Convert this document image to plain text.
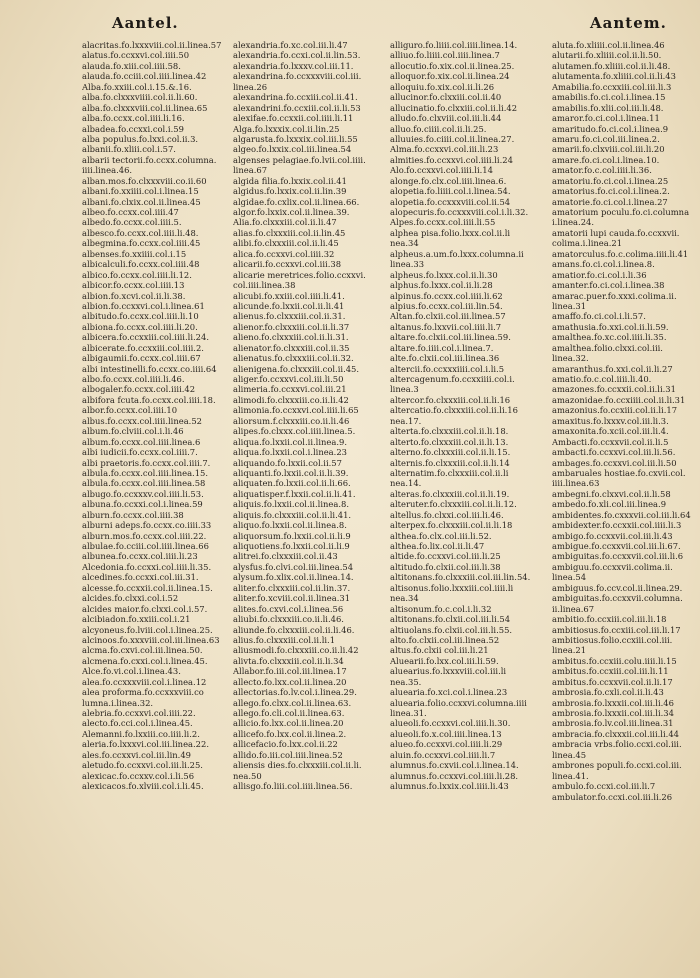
Aantel.	Aantem.
alacritas.fo.lxxxviii.col.ii.linea.57
alatus.fo.ccxxvi.col.iiii.50
alauda.fo.xiii.col.iiii.58.
alauda.fo.cciii.col.iiii.linea.42
Alba.fo.xxiii.col.i.15.&.16.
alba.fo.clxxxviiii.col.ii.li.60.
alba.fo.clxxxviii.col.ii.linea.65
alba.fo.ccxx.col.iiii.li.16.
albadea.fo.ccxxi.col.i.59
alba populus.fo.lxxi.col.ii.3.
albanii.fo.xliii.col.i.57.
albarii tectorii.fo.ccxx.columna.
iiii.linea.46.
alban.mos.fo.clxxxviii.co.ii.60
albani.fo.xxiiii.col.i.linea.15
albani.fo.clxix.col.ii.linea.45
albeo.fo.ccxx.col.iiii.47
albedo.fo.ccxx.col.iiii.5.
albesco.fo.ccxx.col.iiii.li.48.
albegmina.fo.ccxx.col.iiii.45
albenses.fo.xxiiii.col.i.15
albicalculi.fo.ccxx.col.iiii.48
albico.fo.ccxx.col.iiii.li.12.
albicor.fo.ccxx.col.iiii.13
albion.fo.xcvi.col.ii.li.38.
albion.fo.ccxxvi.col.i.linea.61
albitudo.fo.ccxx.col.iiii.li.10
albiona.fo.ccxx.col.iiii.li.20.
albicera.fo.ccxxiii.col.iiii.li.24.
albicerate.fo.ccxxiii.col.iiii.2.
albigaumii.fo.ccxx.col.iiii.67
albi intestinelli.fo.ccxx.co.iiii.64
albo.fo.ccxx.col.iiii.li.46.
albogaler.fo.ccxx.col.iiii.42
albifora fcuta.fo.ccxx.col.iiii.18.
albor.fo.ccxx.col.iiii.10
albus.fo.ccxx.col.iiii.linea.52
album.fo.clviii.col.i.li.46
album.fo.ccxx.col.iiii.linea.6
albi iudicii.fo.ccxx.col.iiii.7.
albi praetoris.fo.ccxx.col.iiii.7.
albula.fo.ccxx.col.iiii.linea.15.
albula.fo.ccxx.col.iiii.linea.58
albugo.fo.ccxxxv.col.iiii.li.53.
albuna.fo.ccxxi.col.i.linea.59
alburn.fo.ccxx.col.iiii.38
alburni adeps.fo.ccxx.co.iiii.33
alburn.mos.fo.ccxx.col.iiii.22.
albulae.fo.cciii.col.iiii.linea.66
albunea.fo.ccxx.col.iiii.li.23
Alcedonia.fo.ccxxi.col.iiii.li.35.
alcedines.fo.ccxxi.col.iii.31.
alcesse.fo.ccxxii.col.ii.linea.15.
alcides.fo.clxxi.col.i.52
alcides maior.fo.clxxi.col.i.57.
alcibiadon.fo.xxiii.col.i.21
alcyoneus.fo.lviii.col.i.linea.25.
alcinoos.fo.xxxviii.col.iii.linea.63
alcma.fo.cxvi.col.iii.linea.50.
alcmena.fo.cxxi.col.i.linea.45.
Alce.fo.vi.col.i.linea.43.
alea.fo.ccxxxviii.col.i.linea.12
alea proforma.fo.ccxxxviii.co
lumna.i.linea.32.
alebria.fo.ccxxvi.col.iiii.22.
alecto.fo.cci.col.i.linea.45.
Alemanni.fo.lxxiii.co.iiii.li.2.
aleria.fo.lxxxvi.col.iii.linea.22.
ales.fo.ccxxvi.col.iii.lin.49
aletudo.fo.ccxxvi.col.iii.li.25.
alexicac.fo.ccxxv.col.i.li.56
alexicacos.fo.xlviii.col.i.li.45.
alexandria.fo.xc.col.iii.li.47
alexandria.fo.ccxi.col.ii.lin.53.
alexandria.fo.lxxxv.col.iii.11.
alexandrina.fo.ccxxxviii.col.iii.
linea.26
alexandrina.fo.ccxiii.col.ii.41.
alexandrini.fo.ccxiii.col.ii.li.53
alexifae.fo.ccxxii.col.iiii.li.11
Alga.fo.lxxxix.col.ii.lin.25
algarusta.fo.lxxxix.col.iii.li.55
algeo.fo.lxxix.col.iii.linea.54
algenses pelagiae.fo.lvii.col.iiii.
linea.67
algida filia.fo.lxxix.col.ii.41
algidus.fo.lxxix.col.ii.lin.39
algidae.fo.cxlix.col.ii.linea.66.
algor.fo.lxxix.col.ii.linea.39.
Alia.fo.clxxxiii.col.ii.li.47
alias.fo.clxxxiii.col.ii.lin.45
alibi.fo.clxxxiii.col.ii.li.45
alica.fo.ccxxvi.col.iiii.32
alicarii.fo.ccxxvi.col.iii.38
alicarie meretrices.folio.ccxxvi.
col.iiii.linea.38
alicubi.fo.xxiii.col.iiii.li.41.
alicunde.fo.lxxii.col.ii.li.41
alienus.fo.clxxxiii.col.ii.31.
alienor.fo.clxxxiii.col.ii.li.37
alieno.fo.clxxxiii.col.ii.li.31.
alienator.fo.clxxxiii.col.ii.35
alienatus.fo.clxxxiii.col.ii.32.
alienigena.fo.clxxxiii.col.ii.45.
aliger.fo.ccxxvi.col.iii.li.50
alimeria.fo.ccxxvi.col.iii.21
alimodi.fo.clxxxiii.co.ii.li.42
alimonia.fo.ccxxvi.col.iiii.li.65
aliorsum.f.clxxxiii.co.ii.li.46
alipes.fo.clxxx.col.iiii.linea.5.
aliqua.fo.lxxii.col.ii.linea.9.
aliqua.fo.lxxii.col.i.linea.23
aliquando.fo.lxxii.col.ii.57
aliquanti.fo.lxxii.col.ii.li.39.
aliquaten.fo.lxxii.col.ii.li.66.
aliquatisper.f.lxxii.col.ii.li.41.
aliquis.fo.lxxii.col.ii.linea.8.
aliquis.fo.clxxxiii.col.ii.li.41.
aliquo.fo.lxxii.col.ii.linea.8.
aliquorsum.fo.lxxii.col.ii.li.9
aliquotiens.fo.lxxii.col.ii.li.9
alitrei.fo.clxxxiii.col.ii.43
alysfus.fo.clvi.col.iii.linea.54
alysum.fo.xlix.col.ii.linea.14.
aliter.fo.clxxxiii.col.ii.lin.37.
aliter.fo.xcviii.col.ii.linea.31
alites.fo.cxvi.col.i.linea.56
aliubi.fo.clxxxiii.co.ii.li.46.
aliunde.fo.clxxxiii.col.ii.li.46.
alius.fo.clxxxiii.col.ii.li.1
aliusmodi.fo.clxxxiii.co.ii.li.42
alivta.fo.clxxxiii.col.ii.li.34
Allabor.fo.iii.col.iii.linea.17
allecto.fo.lxx.col.ii.linea.20
allectorias.fo.lv.col.i.linea.29.
allego.fo.clxx.col.ii.linea.63.
allego.fo.cli.col.ii.linea.63.
allicio.fo.lxx.col.ii.linea.20
allicefo.fo.lxx.col.ii.linea.2.
allicefacio.fo.lxx.col.ii.22
allido.fo.iii.col.iiii.linea.52
aliensis dies.fo.clxxxiii.col.ii.li.
nea.50
allisgo.fo.liii.col.iiii.linea.56.
alliguro.fo.liiii.col.iiii.linea.14.
alliuo.fo.liiii.col.iiii.linea.7
allocutio.fo.xix.col.ii.linea.25.
alloquor.fo.xix.col.ii.linea.24
alloquiu.fo.xix.col.ii.li.26
allucinor.fo.clxxiii.col.ii.40
allucinatio.fo.clxxiii.col.ii.li.42
alludo.fo.clxviii.col.iii.li.44
alluo.fo.ciiii.col.ii.li.25.
alluuies.fo.ciiii.col.ii.linea.27.
Alma.fo.ccxxvi.col.iii.li.23
almities.fo.ccxxvi.col.iiii.li.24
Alo.fo.ccxxvi.col.iiii.li.14
alonge.fo.clx.col.iiii.linea.6.
alopetia.fo.liiii.col.i.linea.54.
alopetia.fo.ccxxxviii.col.ii.54
alopecuris.fo.ccxxxviii.col.i.li.32.
Alpes.fo.ccxx.col.iiii.li.55
alphea pisa.folio.lxxx.col.ii.li
nea.34
alpheus.a.um.fo.lxxx.columna.ii
linea.33
alpheus.fo.lxxx.col.ii.li.30
alphus.fo.lxxx.col.ii.li.28
alpinus.fo.ccxx.col.iiii.li.62
alpius.fo.ccxx.col.iii.lin.54.
Altan.fo.clxii.col.iii.linea.57
altanus.fo.lxxvii.col.iiii.li.7
altare.fo.clxii.col.iii.linea.59.
altare.fo.iiii.col.i.linea.7.
alte.fo.clxii.col.iii.linea.36
altercii.fo.ccxxxiiii.col.i.li.5
altercagenum.fo.ccxxiiii.col.i.
linea.3
altercor.fo.clxxxiii.col.ii.li.16
altercatio.fo.clxxxiii.col.ii.li.16
nea.17.
alterta.fo.clxxxiii.col.ii.li.18.
alterto.fo.clxxxiii.col.ii.li.13.
alterno.fo.clxxxiii.col.ii.li.15.
alternis.fo.clxxxiii.col.ii.li.14
alternatim.fo.clxxxiii.col.ii.li
nea.14.
alteras.fo.clxxxiii.col.ii.li.19.
alteruter.fo.clxxxiii.col.ii.li.12.
altellus.fo.clxxi.col.iii.li.46.
alterpex.fo.clxxxiii.col.ii.li.18
althea.fo.clx.col.iii.li.52.
althea.fo.lix.col.ii.li.47
altide.fo.ccxxvi.col.iii.li.25
altitudo.fo.clxii.col.iii.li.38
altitonans.fo.clxxxiii.col.iii.lin.54.
altisonus.folio.lxxxiii.col.iiii.li
nea.34
altisonum.fo.c.col.i.li.32
altitonans.fo.clxii.col.iii.li.54
altiuolans.fo.clxii.col.iii.li.55.
alto.fo.clxii.col.iii.linea.52
altus.fo.clxii col.iii.li.21
Aluearii.fo.lxx.col.iii.li.59.
aluearius.fo.lxxxviii.col.iii.li
nea.35.
aluearia.fo.xci.col.i.linea.23
aluearia.folio.ccxxvi.columna.iiii
linea.31.
alueoli.fo.ccxxvi.col.iiii.li.30.
alueoli.fo.x.col.iiii.linea.13
alueo.fo.ccxxvi.col.iiii.li.29
aluin.fo.ccxxvi.col.iiii.li.7
alumnus.fo.cxvii.col.i.linea.14.
alumnus.fo.ccxxvi.col.iiii.li.28.
alumnus.fo.lxxix.col.iiii.li.43
aluta.fo.xliiii.col.ii.linea.46
alutarii.fo.xliiii.col.ii.li.50.
alutamen.fo.xliiii.col.ii.li.48.
alutamenta.fo.xliiii.col.ii.li.43
Amabilia.fo.ccxxiii.col.iii.li.3
amabilis.fo.ci.col.i.linea.15
amabilis.fo.xlii.col.iii.li.48.
amaror.fo.ci.col.i.linea.11
amaritudo.fo.ci.col.i.linea.9
amaru.fo.ci.col.iii.linea.2.
amarii.fo.clxviii.col.iii.li.20
amare.fo.ci.col.i.linea.10.
amator.fo.c.col.iiii.li.36.
amatoriu.fo.ci.col.i.linea.25
amatorius.fo.ci.col.i.linea.2.
amatorie.fo.ci.col.i.linea.27
amatorium poculu.fo.ci.columna
i.linea.24.
amatorii lupi cauda.fo.ccxxvii.
colima.i.linea.21
amatorculus.fo.c.colima.iiii.li.41
amans.fo.ci.col.i.linea.8.
amatior.fo.ci.col.i.li.36
amanter.fo.ci.col.i.linea.38
amarac.puer.fo.xxxi.colima.ii.
linea.31
amaffo.fo.ci.col.i.li.57.
amathusia.fo.xxi.col.ii.li.59.
amalthea.fo.xc.col.iiii.li.35.
amalthea.folio.clxxi.col.iii.
linea.32.
amaranthus.fo.xxi.col.ii.li.27
amatio.fo.c.col.iiii.li.40.
amazones.fo.ccxxii.col.ii.li.31
amazonidae.fo.ccxiiii.col.ii.li.31
amazonius.fo.ccxiii.col.ii.li.17
amaxitus.fo.lxxxv.col.iii.li.3.
amaxonita.fo.xcii.col.iii.li.4.
Ambacti.fo.ccxxvii.col.ii.li.5
ambacti.fo.ccxxvi.col.iii.li.56.
ambages.fo.ccxxvi.col.iii.li.50
ambaruales hostiae.fo.cxvii.col.
iiii.linea.63
ambegni.fo.clxxvi.col.ii.li.58
ambedo.fo.xli.col.iii.linea.9
ambidentes.fo.cxxxvii.col.iii.li.64
ambidexter.fo.ccxxii.col.iiii.li.3
ambigo.fo.ccxxvii.col.iii.li.43
ambigue.fo.ccxxvii.col.iii.li.67.
ambiguitas.fo.ccxxvii.col.iii.li.6
ambiguu.fo.ccxxvii.colima.ii.
linea.54
ambiguus.fo.ccv.col.ii.linea.29.
ambiguitas.fo.ccxxvii.columna.
ii.linea.67
ambitio.fo.ccxiii.col.iii.li.18
ambitiosus.fo.ccxiii.col.iii.li.17
ambitiosus.folio.ccxiii.col.iii.
linea.21
ambitus.fo.ccxiii.colu.iiii.li.15
ambitus.fo.ccxiii.col.iii.li.11
ambitus.fo.ccxxvii.col.ii.li.17
ambrosia.fo.cxli.col.ii.li.43
ambrosia.fo.lxxxii.col.iii.li.46
ambrosia.fo.lxxxii.col.iii.li.34
ambrosia.fo.lv.col.iii.linea.31
ambracia.fo.clxxxii.col.iii.li.44
ambracia vrbs.folio.ccxi.col.iii.
linea.45
ambrones populi.fo.ccxi.col.iii.
linea.41.
ambulo.fo.ccxi.col.iii.li.7
ambulator.fo.ccxi.col.iii.li.26
